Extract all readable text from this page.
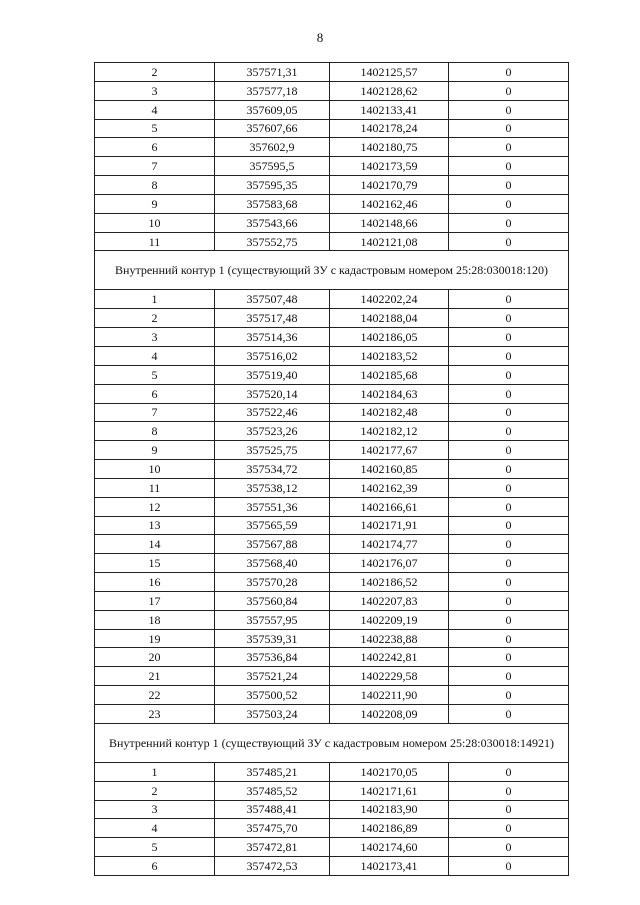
8
2	357571,31	1402125,57	0
3	357577,18	1402128,62	0
4	357609,05	1402133,41	0
5	357607,66	1402178,24	0
6	357602,9	1402180,75	0
7	357595,5	1402173,59	0
8	357595,35	1402170,79	0
9	357583,68	1402162,46	0
10	357543,66	1402148,66	0
11	357552,75	1402121,08	0
Внутренний контур 1 (существующий ЗУ с кадастровым номером 25:28:030018:120)			
1	357507,48	1402202,24	0
2	357517,48	1402188,04	0
3	357514,36	1402186,05	0
4	357516,02	1402183,52	0
5	357519,40	1402185,68	0
6	357520,14	1402184,63	0
7	357522,46	1402182,48	0
8	357523,26	1402182,12	0
9	357525,75	1402177,67	0
10	357534,72	1402160,85	0
11	357538,12	1402162,39	0
12	357551,36	1402166,61	0
13	357565,59	1402171,91	0
14	357567,88	1402174,77	0
15	357568,40	1402176,07	0
16	357570,28	1402186,52	0
17	357560,84	1402207,83	0
18	357557,95	1402209,19	0
19	357539,31	1402238,88	0
20	357536,84	1402242,81	0
21	357521,24	1402229,58	0
22	357500,52	1402211,90	0
23	357503,24	1402208,09	0
Внутренний контур 1 (существующий ЗУ с кадастровым номером 25:28:030018:14921)			
1	357485,21	1402170,05	0
2	357485,52	1402171,61	0
3	357488,41	1402183,90	0
4	357475,70	1402186,89	0
5	357472,81	1402174,60	0
6	357472,53	1402173,41	0
